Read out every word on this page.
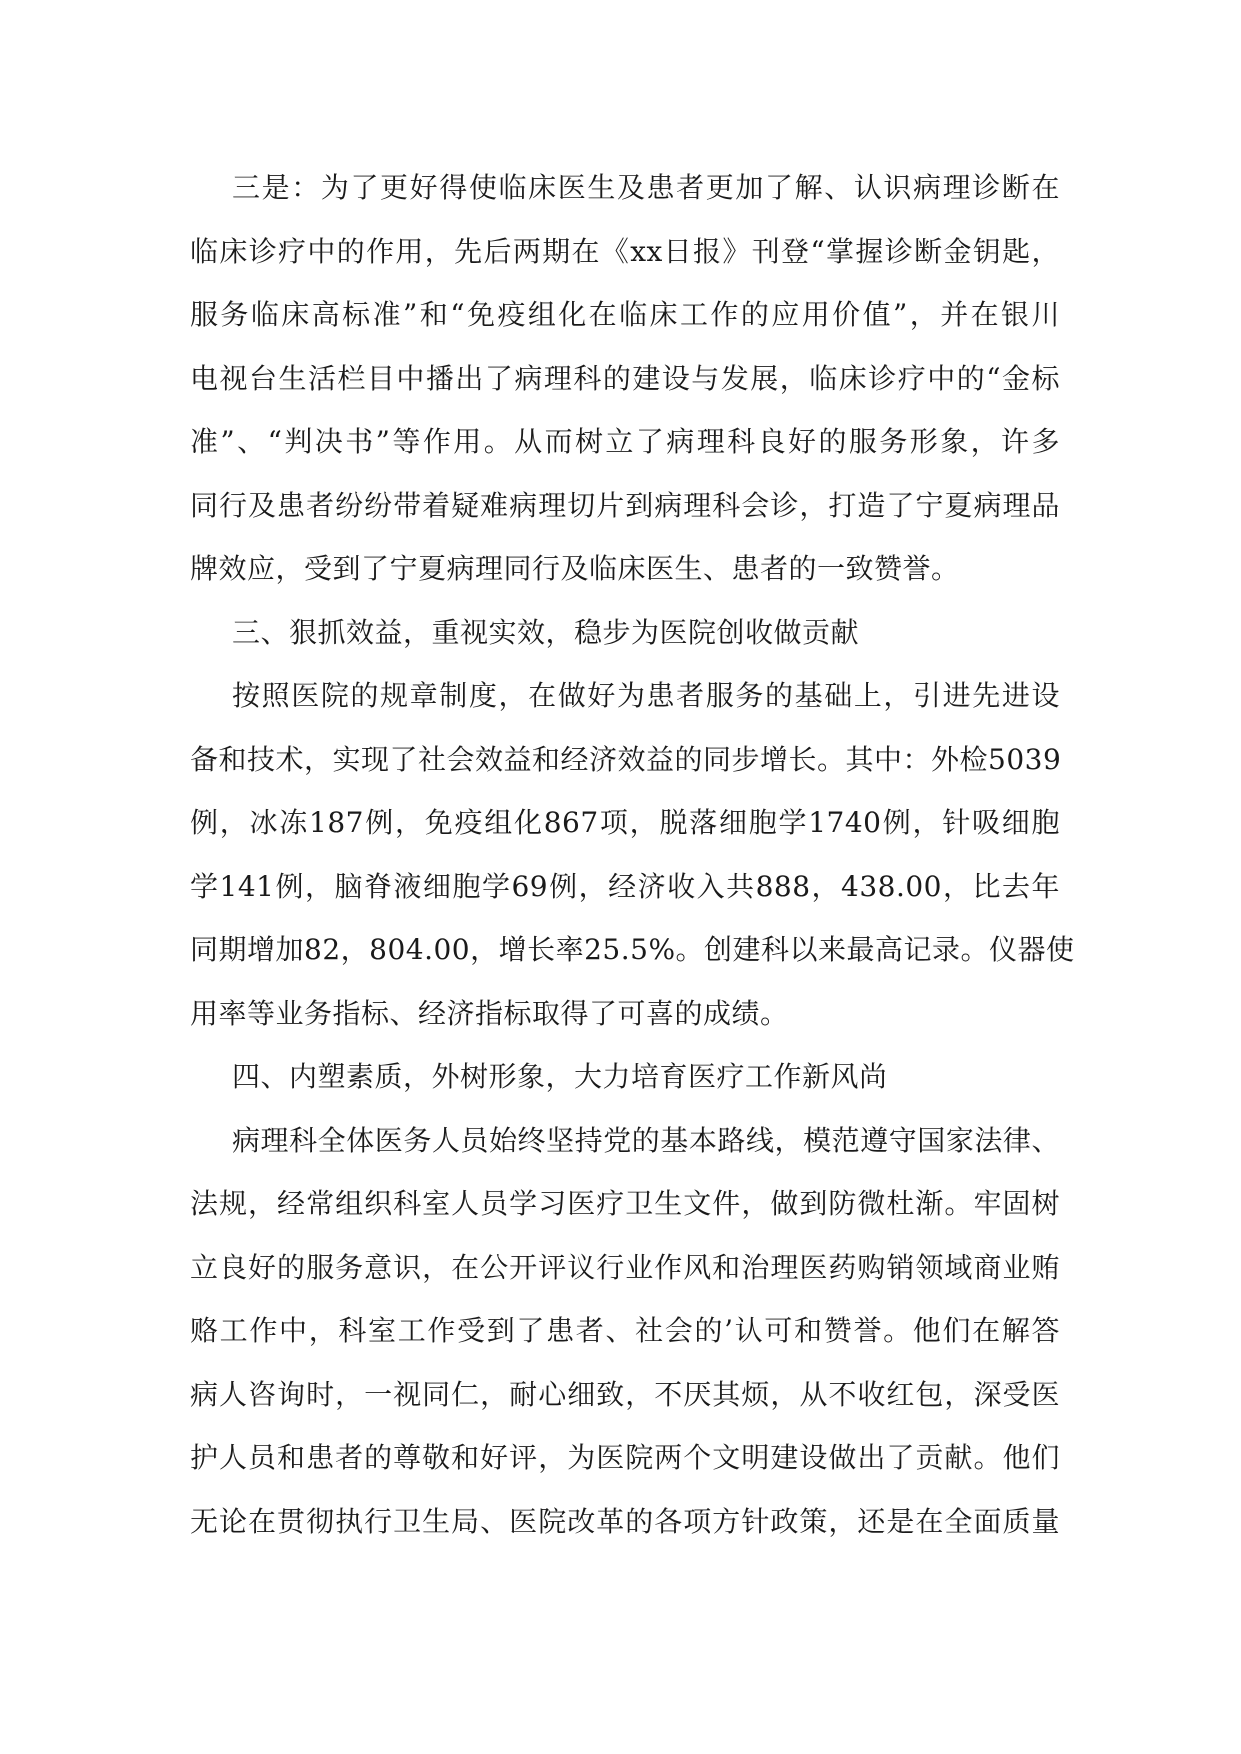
三是：为了更好得使临床医生及患者更加了解、认识病理诊断在
临床诊疗中的作用，先后两期在《xx日报》刊登“掌握诊断金钥匙，
服务临床高标准”和“免疫组化在临床工作的应用价值”，并在银川
电视台生活栏目中播出了病理科的建设与发展，临床诊疗中的“金标
准”、“判决书”等作用。从而树立了病理科良好的服务形象，许多
同行及患者纷纷带着疑难病理切片到病理科会诊，打造了宁夏病理品
牌效应，受到了宁夏病理同行及临床医生、患者的一致赞誉。
三、狠抓效益，重视实效，稳步为医院创收做贡献
按照医院的规章制度，在做好为患者服务的基础上，引进先进设
备和技术，实现了社会效益和经济效益的同步增长。其中：外检5039
例，冰冻187例，免疫组化867项，脱落细胞学1740例，针吸细胞
学141例，脑脊液细胞学69例，经济收入共888，438.00，比去年
同期增加82，804.00，增长率25.5%。创建科以来最高记录。仪器使
用率等业务指标、经济指标取得了可喜的成绩。
四、内塑素质，外树形象，大力培育医疗工作新风尚
病理科全体医务人员始终坚持党的基本路线，模范遵守国家法律、
法规，经常组织科室人员学习医疗卫生文件，做到防微杜渐。牢固树
立良好的服务意识，在公开评议行业作风和治理医药购销领域商业贿
赂工作中，科室工作受到了患者、社会的’认可和赞誉。他们在解答
病人咨询时，一视同仁，耐心细致，不厌其烦，从不收红包，深受医
护人员和患者的尊敬和好评，为医院两个文明建设做出了贡献。他们
无论在贯彻执行卫生局、医院改革的各项方针政策，还是在全面质量
